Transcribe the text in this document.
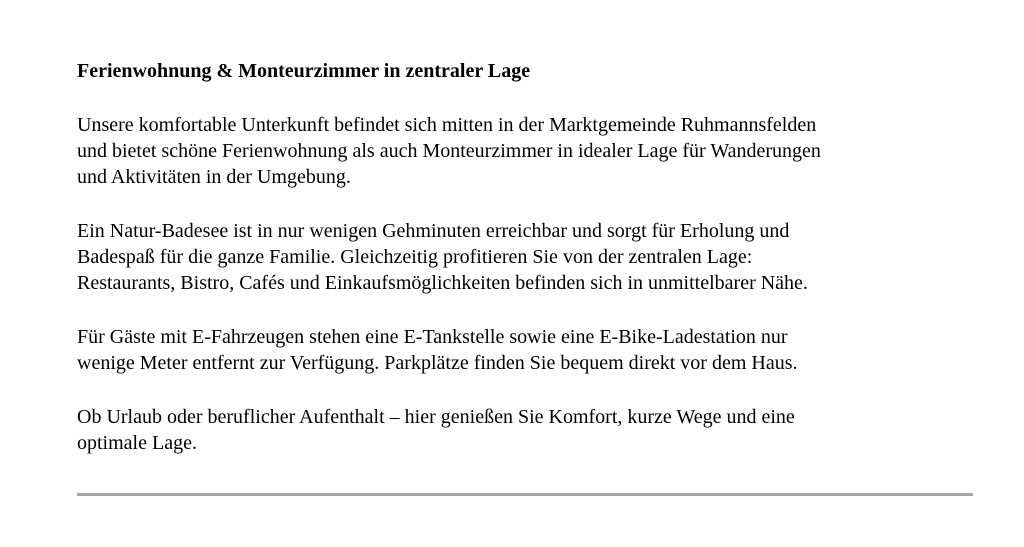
Ferienwohnung & Monteurzimmer in zentraler Lage
Unsere komfortable Unterkunft befindet sich mitten in der Marktgemeinde Ruhmannsfelden
und bietet schöne Ferienwohnung als auch Monteurzimmer in idealer Lage für Wanderungen
und Aktivitäten in der Umgebung.
Ein Natur-Badesee ist in nur wenigen Gehminuten erreichbar und sorgt für Erholung und
Badespaß für die ganze Familie. Gleichzeitig profitieren Sie von der zentralen Lage:
Restaurants, Bistro, Cafés und Einkaufsmöglichkeiten befinden sich in unmittelbarer Nähe.
Für Gäste mit E-Fahrzeugen stehen eine E-Tankstelle sowie eine E-Bike-Ladestation nur
wenige Meter entfernt zur Verfügung. Parkplätze finden Sie bequem direkt vor dem Haus.
Ob Urlaub oder beruflicher Aufenthalt – hier genießen Sie Komfort, kurze Wege und eine
optimale Lage.
